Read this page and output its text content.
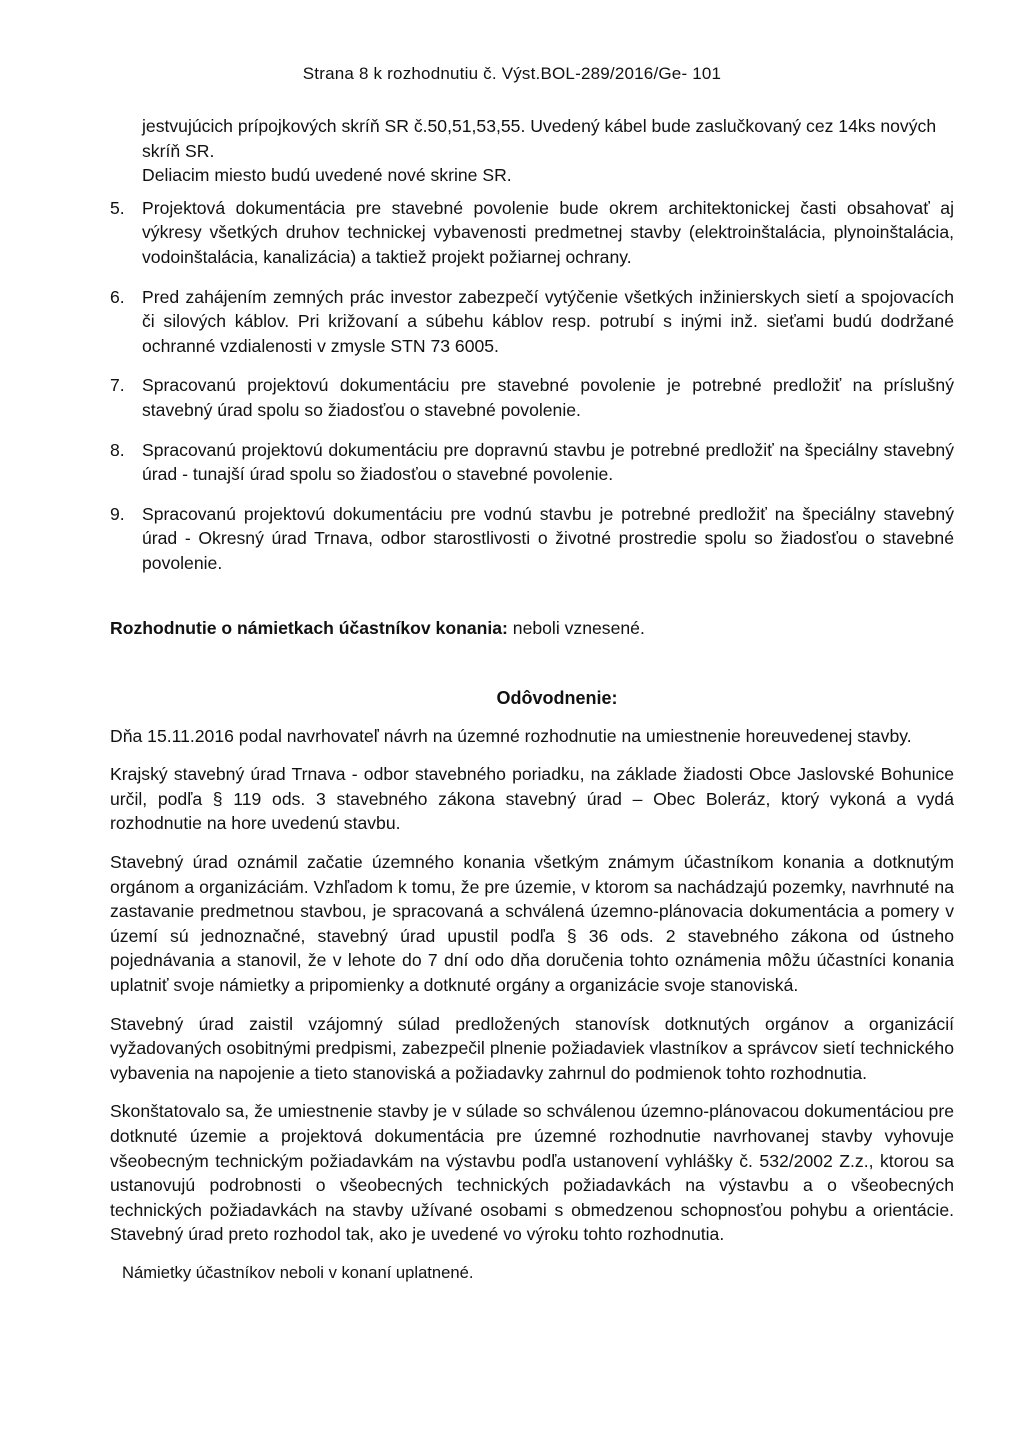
Strana 8 k rozhodnutiu č. Výst.BOL-289/2016/Ge- 101

jestvujúcich prípojkových skríň SR č.50,51,53,55. Uvedený kábel bude zaslučkovaný cez 14ks nových skríň SR.

Deliacim miesto budú uvedené nové skrine SR.

5. Projektová dokumentácia pre stavebné povolenie bude okrem architektonickej časti obsahovať aj výkresy všetkých druhov technickej vybavenosti predmetnej stavby (elektroinštalácia, plynoinštalácia, vodoinštalácia, kanalizácia) a taktiež projekt požiarnej ochrany.

6. Pred zahájením zemných prác investor zabezpečí vytýčenie všetkých inžinierskych sietí a spojovacích či silových káblov. Pri križovaní a súbehu káblov resp. potrubí s inými inž. sieťami budú dodržané ochranné vzdialenosti v zmysle STN 73 6005.

7. Spracovanú projektovú dokumentáciu pre stavebné povolenie je potrebné predložiť na príslušný stavebný úrad spolu so žiadosťou o stavebné povolenie.

8. Spracovanú projektovú dokumentáciu pre dopravnú stavbu je potrebné predložiť na špeciálny stavebný úrad - tunajší úrad spolu so žiadosťou o stavebné povolenie.

9. Spracovanú projektovú dokumentáciu pre vodnú stavbu je potrebné predložiť na špeciálny stavebný úrad - Okresný úrad Trnava, odbor starostlivosti o životné prostredie spolu so žiadosťou o stavebné povolenie.

Rozhodnutie o námietkach účastníkov konania: neboli vznesené.
Odôvodnenie:

Dňa 15.11.2016 podal navrhovateľ návrh na územné rozhodnutie na umiestnenie horeuvedenej stavby.

Krajský stavebný úrad Trnava - odbor stavebného poriadku, na základe žiadosti Obce Jaslovské Bohunice určil, podľa § 119 ods. 3 stavebného zákona stavebný úrad – Obec Boleráz, ktorý vykoná a vydá rozhodnutie na hore uvedenú stavbu.

Stavebný úrad oznámil začatie územného konania všetkým známym účastníkom konania a dotknutým orgánom a organizáciám. Vzhľadom k tomu, že pre územie, v ktorom sa nachádzajú pozemky, navrhnuté na zastavanie predmetnou stavbou, je spracovaná a schválená územno-plánovacia dokumentácia a pomery v území sú jednoznačné, stavebný úrad upustil podľa § 36 ods. 2 stavebného zákona od ústneho pojednávania a stanovil, že v lehote do 7 dní odo dňa doručenia tohto oznámenia môžu účastníci konania uplatniť svoje námietky a pripomienky a dotknuté orgány a organizácie svoje stanoviská.

Stavebný úrad zaistil vzájomný súlad predložených stanovísk dotknutých orgánov a organizácií vyžadovaných osobitnými predpismi, zabezpečil plnenie požiadaviek vlastníkov a správcov sietí technického vybavenia na napojenie a tieto stanoviská a požiadavky zahrnul do podmienok tohto rozhodnutia.

Skonštatovalo sa, že umiestnenie stavby je v súlade so schválenou územno-plánovacou dokumentáciou pre dotknuté územie a projektová dokumentácia pre územné rozhodnutie navrhovanej stavby vyhovuje všeobecným technickým požiadavkám na výstavbu podľa ustanovení vyhlášky č. 532/2002 Z.z., ktorou sa ustanovujú podrobnosti o všeobecných technických požiadavkách na výstavbu a o všeobecných technických požiadavkách na stavby užívané osobami s obmedzenou schopnosťou pohybu a orientácie. Stavebný úrad preto rozhodol tak, ako je uvedené vo výroku tohto rozhodnutia.

Námietky účastníkov neboli v konaní uplatnené.
